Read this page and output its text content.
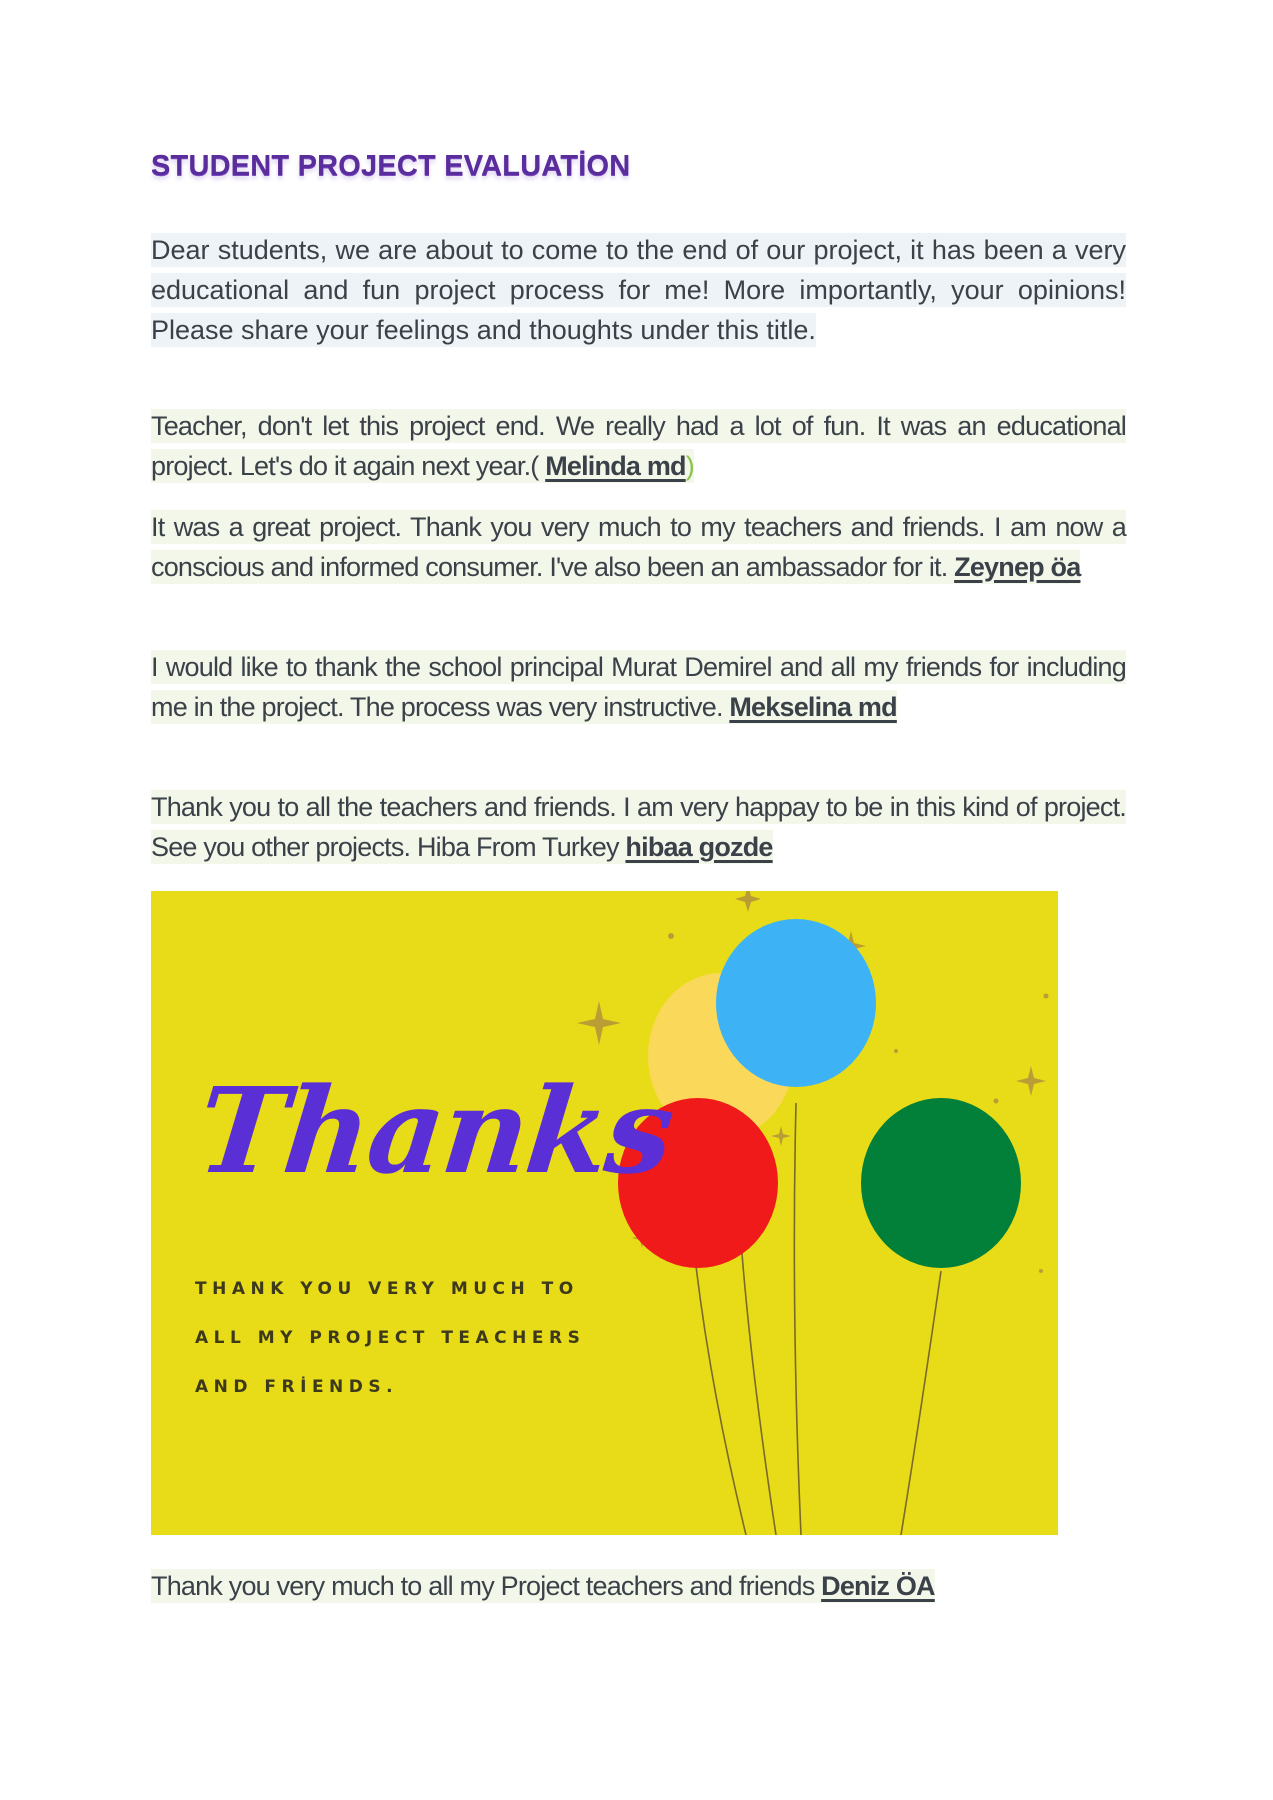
STUDENT PROJECT EVALUATİON

Dear students, we are about to come to the end of our project, it has been a very educational and fun project process for me! More importantly, your opinions! Please share your feelings and thoughts under this title.

Teacher, don't let this project end. We really had a lot of fun. It was an educational project. Let's do it again next year.( Melinda md)

It was a great project. Thank you very much to my teachers and friends. I am now a conscious and informed consumer. I've also been an ambassador for it. Zeynep öa

I would like to thank the school principal Murat Demirel and all my friends for including me in the project. The process was very instructive. Mekselina md

Thank you to all the teachers and friends. I am very happay to be in this kind of project. See you other projects. Hiba From Turkey hibaa gozde

Thank you very much to all my Project teachers and friends Deniz ÖA

Thanks
THANK YOU VERY MUCH TO
ALL MY PROJECT TEACHERS
AND FRİENDS.
